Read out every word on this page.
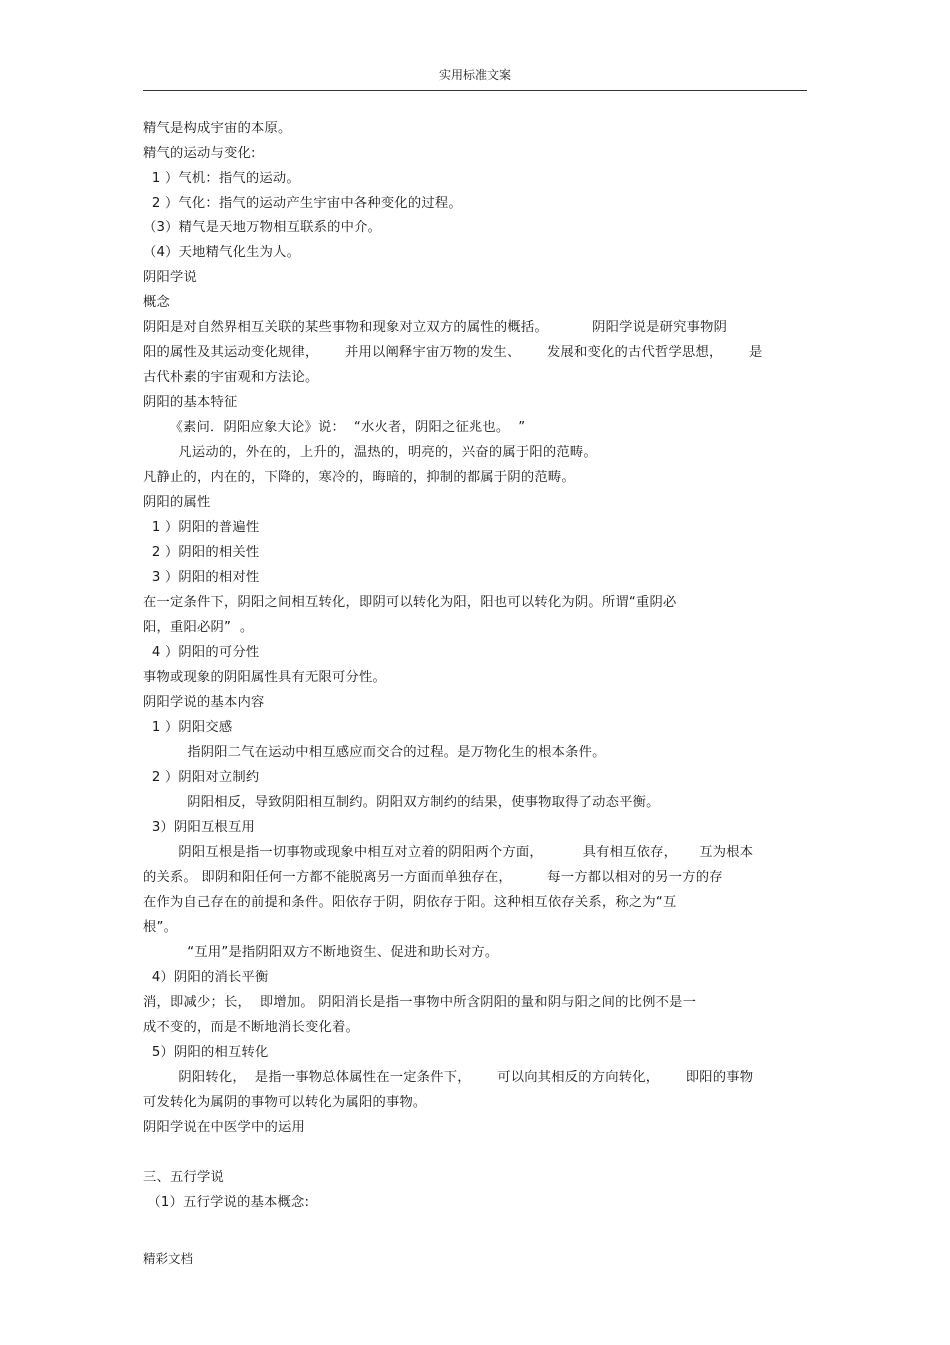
实用标准文案
精气是构成宇宙的本原。
精气的运动与变化:
1 ）气机：指气的运动。
2 ）气化：指气的运动产生宇宙中各种变化的过程。
（3）精气是天地万物相互联系的中介。
（4）天地精气化生为人。
阴阳学说
概念
阴阳是对自然界相互关联的某些事物和现象对立双方的属性的概括。          阴阳学说是研究事物阴
阳的属性及其运动变化规律，      并用以阐释宇宙万物的发生、      发展和变化的古代哲学思想，      是
古代朴素的宇宙观和方法论。
阴阳的基本特征
《素问．阴阳应象大论》说：  “水火者，阴阳之征兆也。  ”
凡运动的，外在的，上升的，温热的，明亮的，兴奋的属于阳的范畴。
凡静止的，内在的，下降的，寒冷的，晦暗的，抑制的都属于阴的范畴。
阴阳的属性
1 ）阴阳的普遍性
2 ）阴阳的相关性
3 ）阴阳的相对性
在一定条件下，阴阳之间相互转化，即阴可以转化为阳，阳也可以转化为阴。所谓“重阴必
阳，重阳必阴”  。
4 ）阴阳的可分性
事物或现象的阴阳属性具有无限可分性。
阴阳学说的基本内容
1 ）阴阳交感
指阴阳二气在运动中相互感应而交合的过程。是万物化生的根本条件。
2 ）阴阳对立制约
阴阳相反，导致阴阳相互制约。阴阳双方制约的结果，使事物取得了动态平衡。
3）阴阳互根互用
阴阳互根是指一切事物或现象中相互对立着的阴阳两个方面，         具有相互依存，     互为根本
的关系。 即阴和阳任何一方都不能脱离另一方面而单独存在，        每一方都以相对的另一方的存
在作为自己存在的前提和条件。阳依存于阴，阴依存于阳。这种相互依存关系，称之为“互
根”。
“互用”是指阴阳双方不断地资生、促进和助长对方。
4）阴阳的消长平衡
消，即减少；长，  即增加。 阴阳消长是指一事物中所含阴阳的量和阴与阳之间的比例不是一
成不变的，而是不断地消长变化着。
5）阴阳的相互转化
阴阳转化，  是指一事物总体属性在一定条件下，      可以向其相反的方向转化，      即阳的事物
可发转化为属阴的事物可以转化为属阳的事物。
阴阳学说在中医学中的运用
三、五行学说
（1）五行学说的基本概念:
精彩文档
